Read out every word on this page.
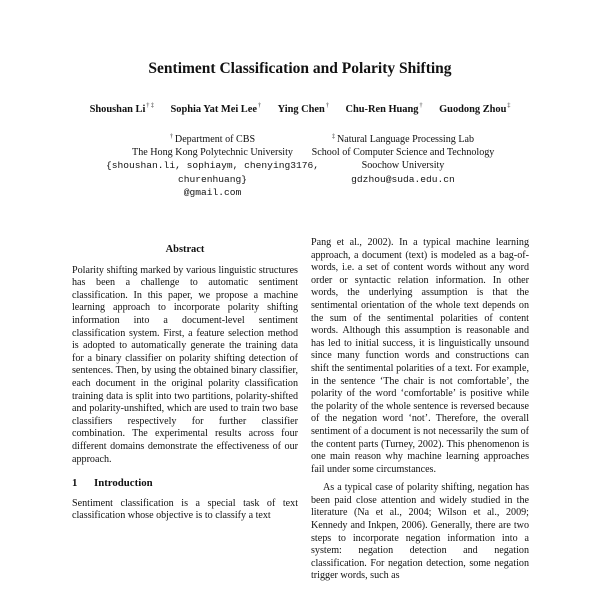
Sentiment Classification and Polarity Shifting
Shoushan Li† ‡ Sophia Yat Mei Lee† Ying Chen† Chu-Ren Huang† Guodong Zhou‡
† Department of CBS
The Hong Kong Polytechnic University
{shoushan.li, sophiaym, chenying3176, churenhuang}
@gmail.com
‡ Natural Language Processing Lab
School of Computer Science and Technology
Soochow University
gdzhou@suda.edu.cn
Abstract

Polarity shifting marked by various linguistic structures has been a challenge to automatic sentiment classification. In this paper, we propose a machine learning approach to incorporate polarity shifting information into a document-level sentiment classification system. First, a feature selection method is adopted to automatically generate the training data for a binary classifier on polarity shifting detection of sentences. Then, by using the obtained binary classifier, each document in the original polarity classification training data is split into two partitions, polarity-shifted and polarity-unshifted, which are used to train two base classifiers respectively for further classifier combination. The experimental results across four different domains demonstrate the effectiveness of our approach.

1 Introduction

Sentiment classification is a special task of text classification whose objective is to classify a text

Pang et al., 2002). In a typical machine learning approach, a document (text) is modeled as a bag-of-words, i.e. a set of content words without any word order or syntactic relation information. In other words, the underlying assumption is that the sentimental orientation of the whole text depends on the sum of the sentimental polarities of content words. Although this assumption is reasonable and has led to initial success, it is linguistically unsound since many function words and constructions can shift the sentimental polarities of a text. For example, in the sentence ‘The chair is not comfortable’, the polarity of the word ‘comfortable’ is positive while the polarity of the whole sentence is reversed because of the negation word ‘not’. Therefore, the overall sentiment of a document is not necessarily the sum of the content parts (Turney, 2002). This phenomenon is one main reason why machine learning approaches fail under some circumstances.

As a typical case of polarity shifting, negation has been paid close attention and widely studied in the literature (Na et al., 2004; Wilson et al., 2009; Kennedy and Inkpen, 2006). Generally, there are two steps to incorporate negation information into a system: negation detection and negation classification. For negation detection, some negation trigger words, such as
